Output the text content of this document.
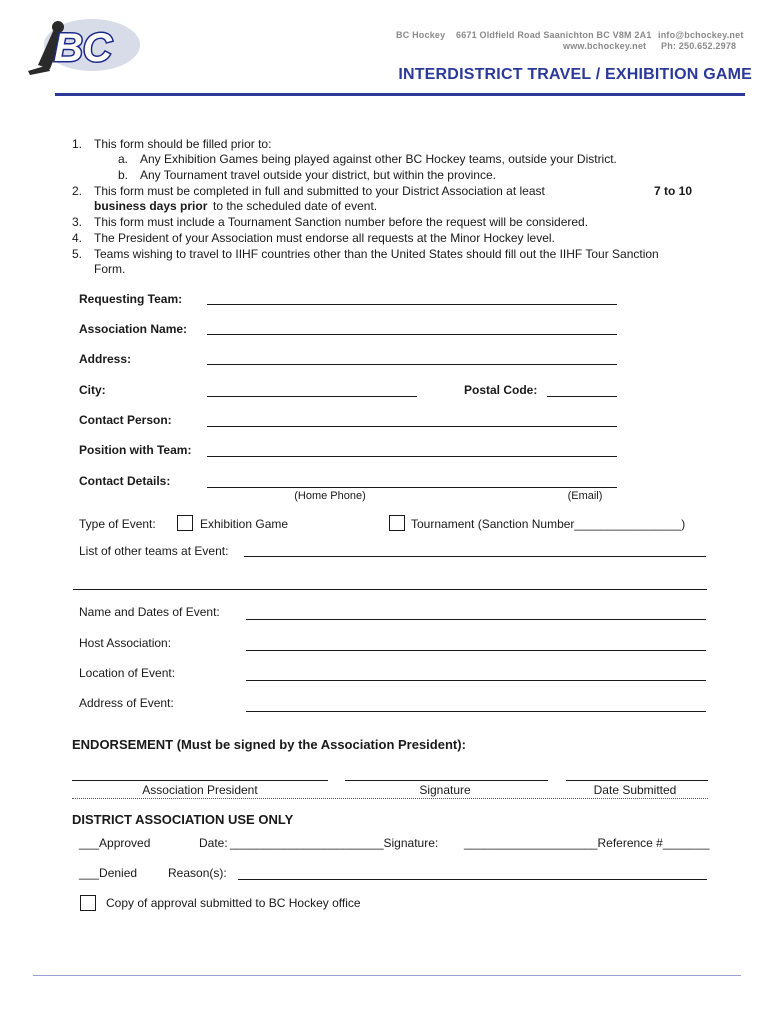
BC	BC Hockey 6671 Oldfield Road Saanichton BC V8M 2A1 info@bchockey.net
www.bchockey.net Ph: 250.652.2978
INTERDISTRICT TRAVEL / EXHIBITION GAME
1. This form should be filled prior to:
a. Any Exhibition Games being played against other BC Hockey teams, outside your District.
b. Any Tournament travel outside your district, but within the province.
2. This form must be completed in full and submitted to your District Association at least	7 to 10
business days prior to the scheduled date of event.
3. This form must include a Tournament Sanction number before the request will be considered.
4. The President of your Association must endorse all requests at the Minor Hockey level.
5. Teams wishing to travel to IIHF countries other than the United States should fill out the IIHF Tour Sanction
Form.
Requesting Team:
Association Name:
Address:
City:	Postal Code:
Contact Person:
Position with Team:
Contact Details:
(Home Phone)	(Email)
Type of Event:	Exhibition Game	Tournament (Sanction Number________________)
List of other teams at Event:
Name and Dates of Event:
Host Association:
Location of Event:
Address of Event:
ENDORSEMENT (Must be signed by the Association President):
Association President	Signature	Date Submitted
DISTRICT ASSOCIATION USE ONLY
___Approved	Date: _______________________Signature: ____________________Reference #_______
___Denied	Reason(s):
Copy of approval submitted to BC Hockey office
